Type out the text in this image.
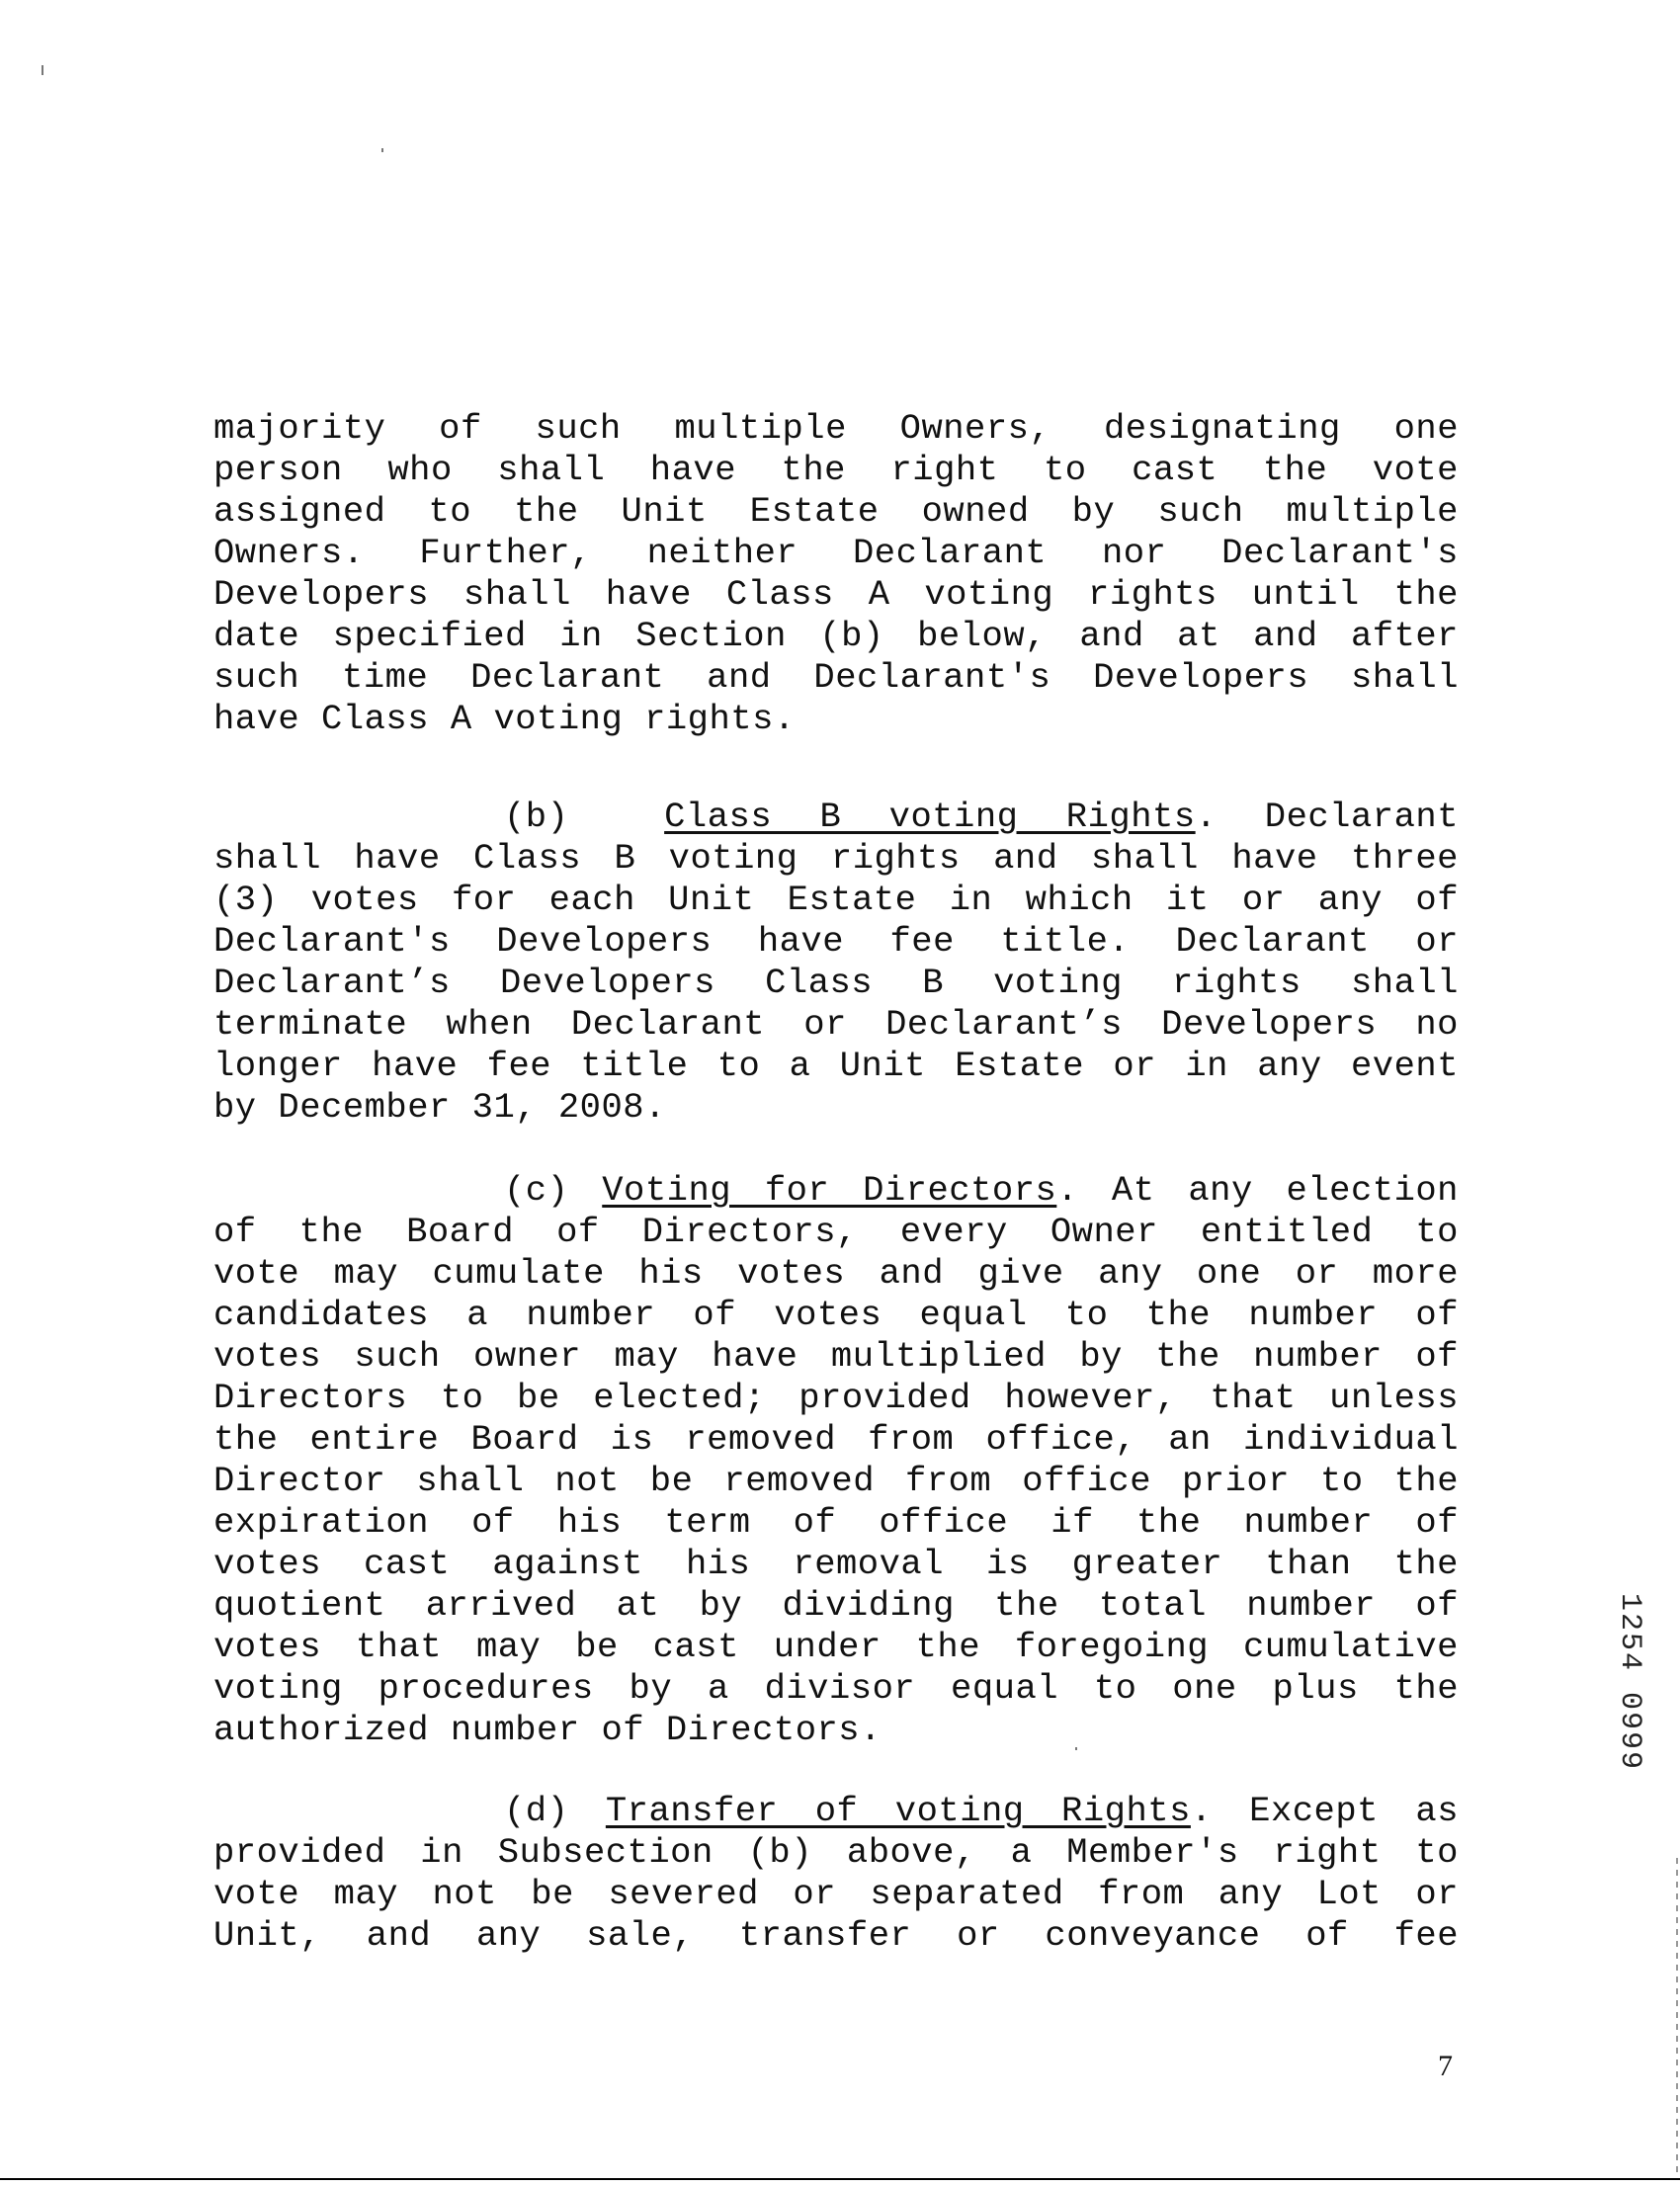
majority of such multiple Owners, designating one
person who shall have the right to cast the vote
assigned to the Unit Estate owned by such multiple
Owners. Further, neither Declarant nor Declarant's
Developers shall have Class A voting rights until the
date specified in Section (b) below, and at and after
such time Declarant and Declarant's Developers shall
have Class A voting rights.
(b)	Class B voting Rights. Declarant
shall have Class B voting rights and shall have three
(3) votes for each Unit Estate in which it or any of
Declarant's Developers have fee title. Declarant or
Declarant’s Developers Class B voting rights shall
terminate when Declarant or Declarant’s Developers no
longer have fee title to a Unit Estate or in any event
by December 31, 2008.
(c) Voting for Directors. At any election
of the Board of Directors, every Owner entitled to
vote may cumulate his votes and give any one or more
candidates a number of votes equal to the number of
votes such owner may have multiplied by the number of
Directors to be elected; provided however, that unless
the entire Board is removed from office, an individual
Director shall not be removed from office prior to the
expiration of his term of office if the number of
votes cast against his removal is greater than the
quotient arrived at by dividing the total number of
votes that may be cast under the foregoing cumulative
voting procedures by a divisor equal to one plus the
authorized number of Directors.
(d) Transfer of voting Rights. Except as
provided in Subsection (b) above, a Member's right to
vote may not be severed or separated from any Lot or
Unit, and any sale, transfer or conveyance of fee
1254 0999
7
